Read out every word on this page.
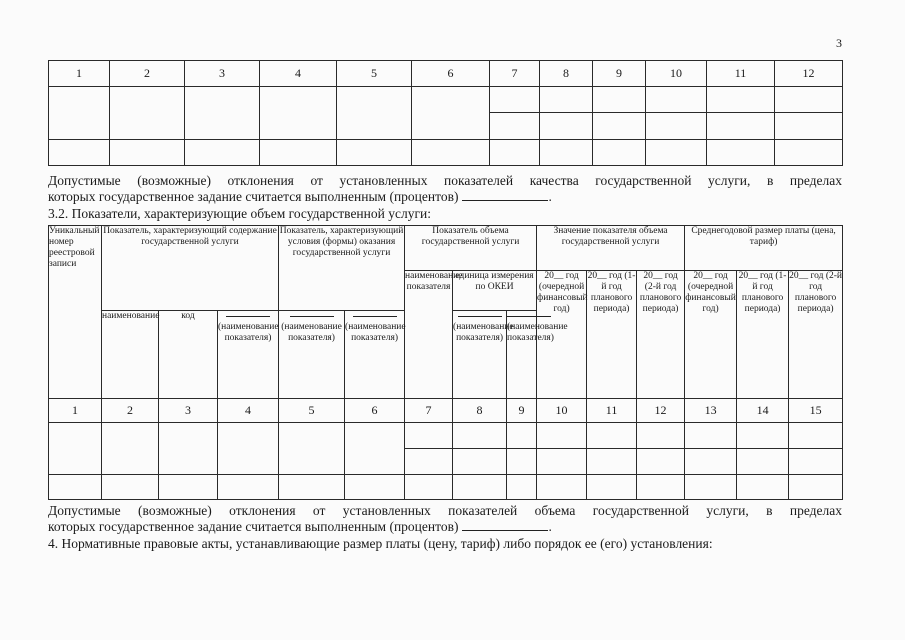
3
1	2	3	4	5	6	7	8	9	10	11	12

Допустимые (возможные) отклонения от установленных показателей качества государственной услуги, в пределах
которых государственное задание считается выполненным (процентов)	.
3.2. Показатели, характеризующие объем государственной услуги:
Уникальный номер реестровой записи	Показатель, характеризующий содержание государственной услуги			Показатель, характеризующий условия (формы) оказания государственной услуги		Показатель объема государственной услуги			Значение показателя объема государственной услуги			Среднегодовой размер платы (цена, тариф)		
						наименование показателя	единица измерения по ОКЕИ		20__ год (очередной финансовый год)	20__ год (1-й год планового периода)	20__ год (2-й год планового периода)	20__ год (очередной финансовый год)	20__ год (1-й год планового периода)	20__ год (2-й год планового периода)
	наименование	код	(наименование показателя)	(наименование показателя)	(наименование показателя)		(наименование показателя)	(наименование показателя)						

1	2	3	4	5	6	7	8	9	10	11	12	13	14	15

Допустимые (возможные) отклонения от установленных показателей объема государственной услуги, в пределах
которых государственное задание считается выполненным (процентов)	.
4. Нормативные правовые акты, устанавливающие размер платы (цену, тариф) либо порядок ее (его) установления:
